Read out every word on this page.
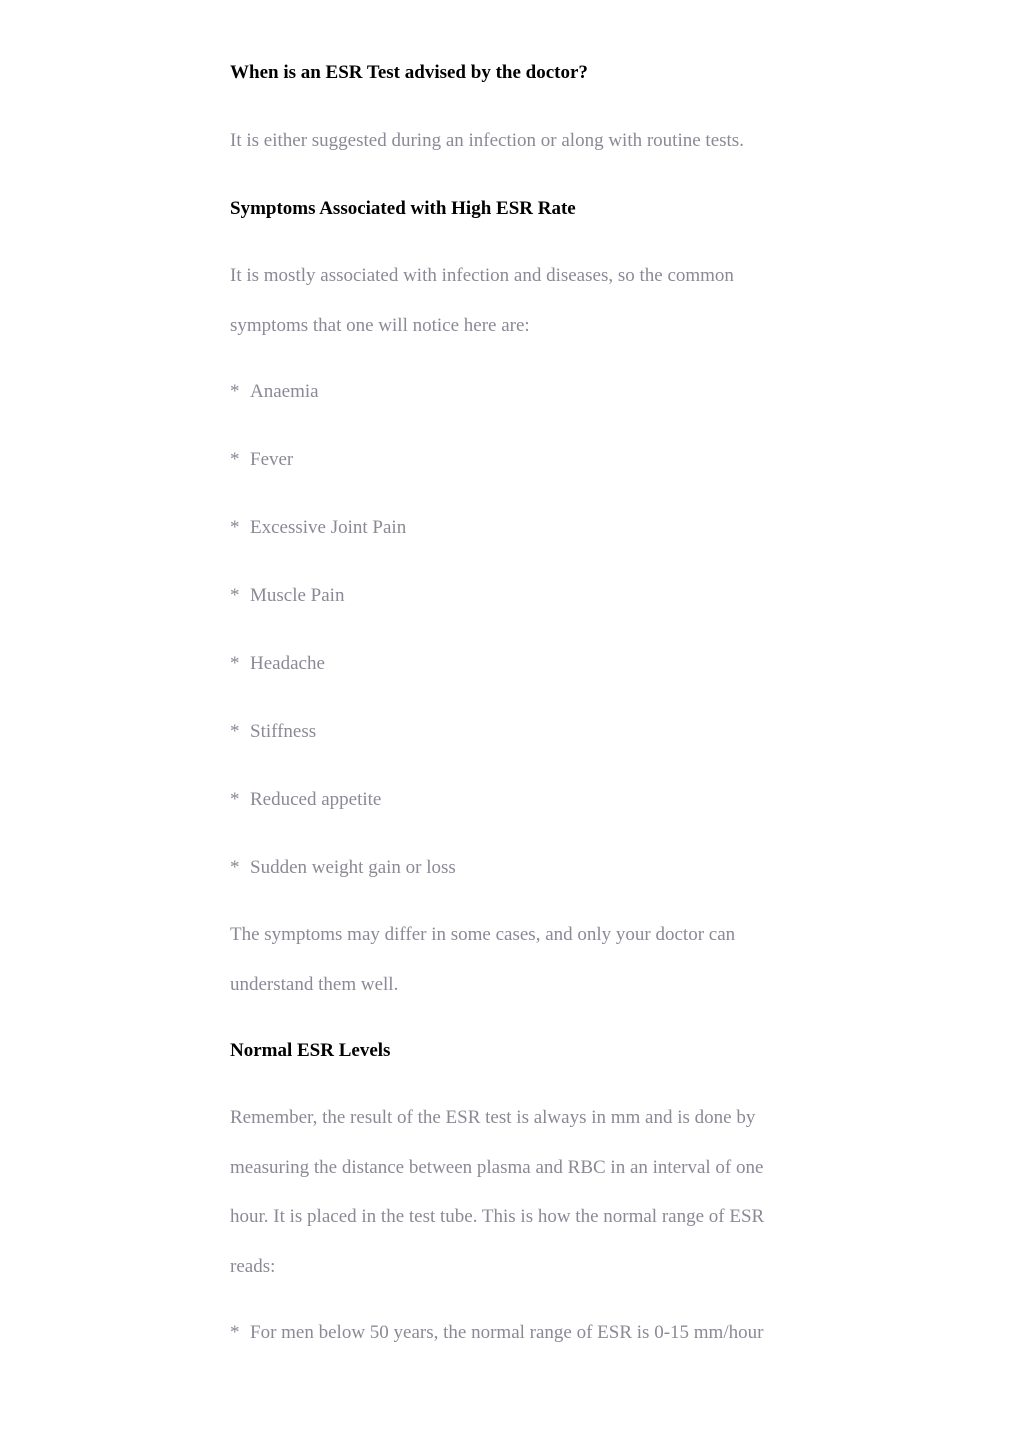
When is an ESR Test advised by the doctor?

It is either suggested during an infection or along with routine tests.

Symptoms Associated with High ESR Rate

It is mostly associated with infection and diseases, so the common

symptoms that one will notice here are:

* Anaemia

* Fever

* Excessive Joint Pain

* Muscle Pain

* Headache

* Stiffness

* Reduced appetite

* Sudden weight gain or loss

The symptoms may differ in some cases, and only your doctor can

understand them well.

Normal ESR Levels

Remember, the result of the ESR test is always in mm and is done by

measuring the distance between plasma and RBC in an interval of one

hour. It is placed in the test tube. This is how the normal range of ESR

reads:

* For men below 50 years, the normal range of ESR is 0-15 mm/hour
